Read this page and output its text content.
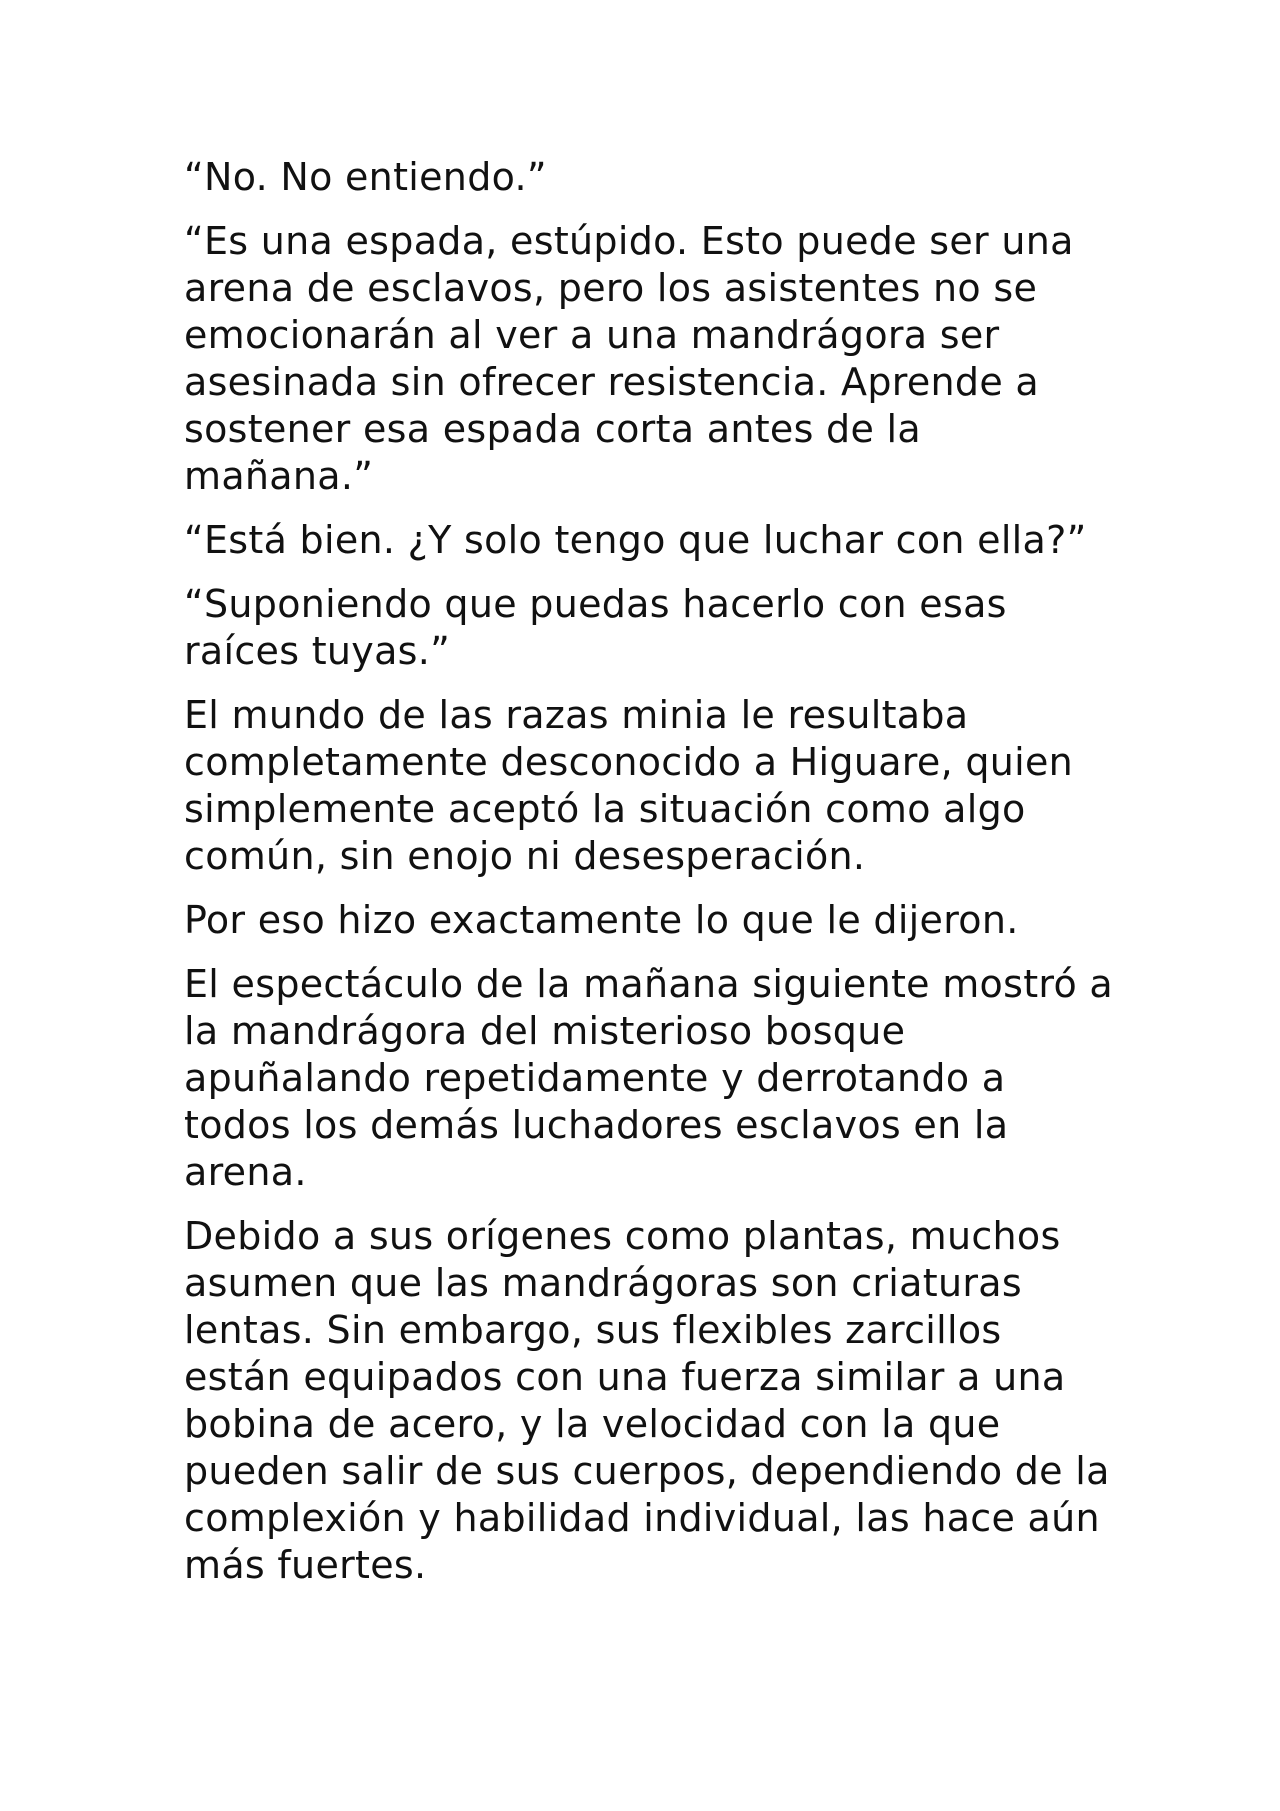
“No. No entiendo.”

“Es una espada, estúpido. Esto puede ser una arena de esclavos, pero los asistentes no se emocionarán al ver a una mandrágora ser asesinada sin ofrecer resistencia. Aprende a sostener esa espada corta antes de la mañana.”

“Está bien. ¿Y solo tengo que luchar con ella?”

“Suponiendo que puedas hacerlo con esas raíces tuyas.”

El mundo de las razas minia le resultaba completamente desconocido a Higuare, quien simplemente aceptó la situación como algo común, sin enojo ni desesperación.

Por eso hizo exactamente lo que le dijeron.

El espectáculo de la mañana siguiente mostró a la mandrágora del misterioso bosque apuñalando repetidamente y derrotando a todos los demás luchadores esclavos en la arena.

Debido a sus orígenes como plantas, muchos asumen que las mandrágoras son criaturas lentas. Sin embargo, sus flexibles zarcillos están equipados con una fuerza similar a una bobina de acero, y la velocidad con la que pueden salir de sus cuerpos, dependiendo de la complexión y habilidad individual, las hace aún más fuertes.
